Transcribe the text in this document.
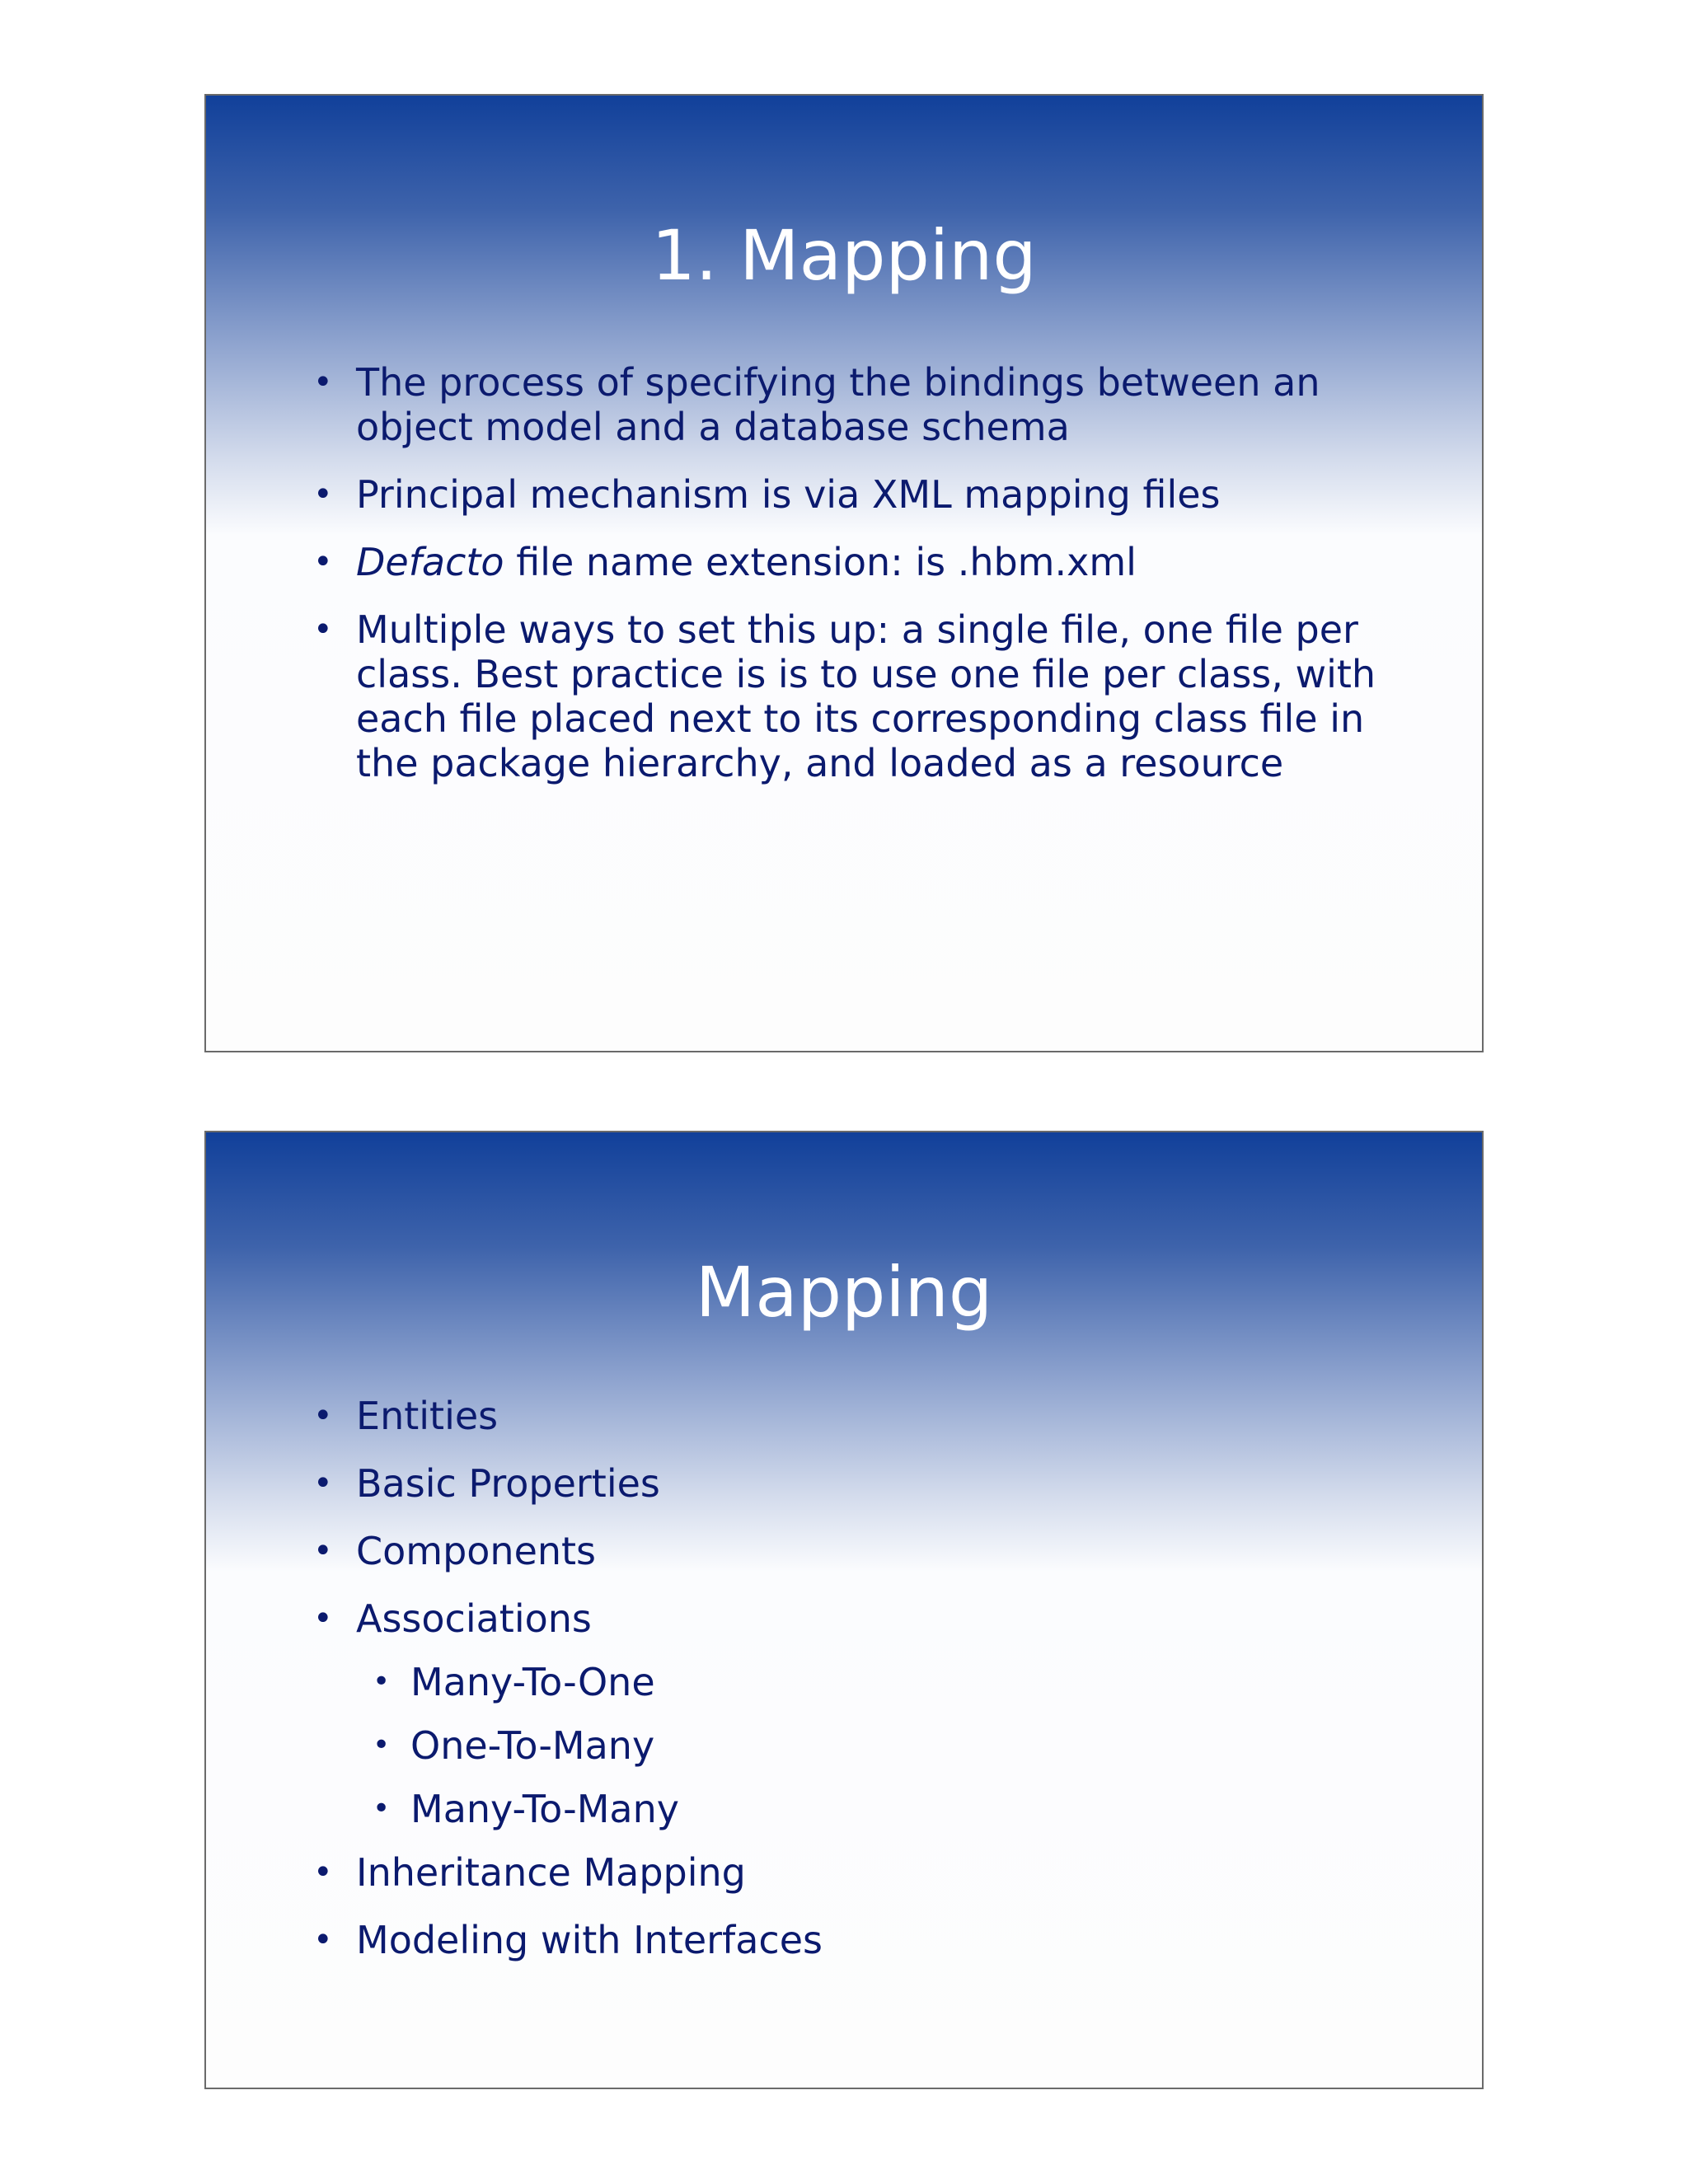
1. Mapping
• The process of specifying the bindings between an object model and a database schema
• Principal mechanism is via XML mapping files
• Defacto file name extension: is .hbm.xml
• Multiple ways to set this up: a single file, one file per class. Best practice is is to use one file per class, with each file placed next to its corresponding class file in the package hierarchy, and loaded as a resource
Mapping
• Entities
• Basic Properties
• Components
• Associations
• Many-To-One
• One-To-Many
• Many-To-Many
• Inheritance Mapping
• Modeling with Interfaces
